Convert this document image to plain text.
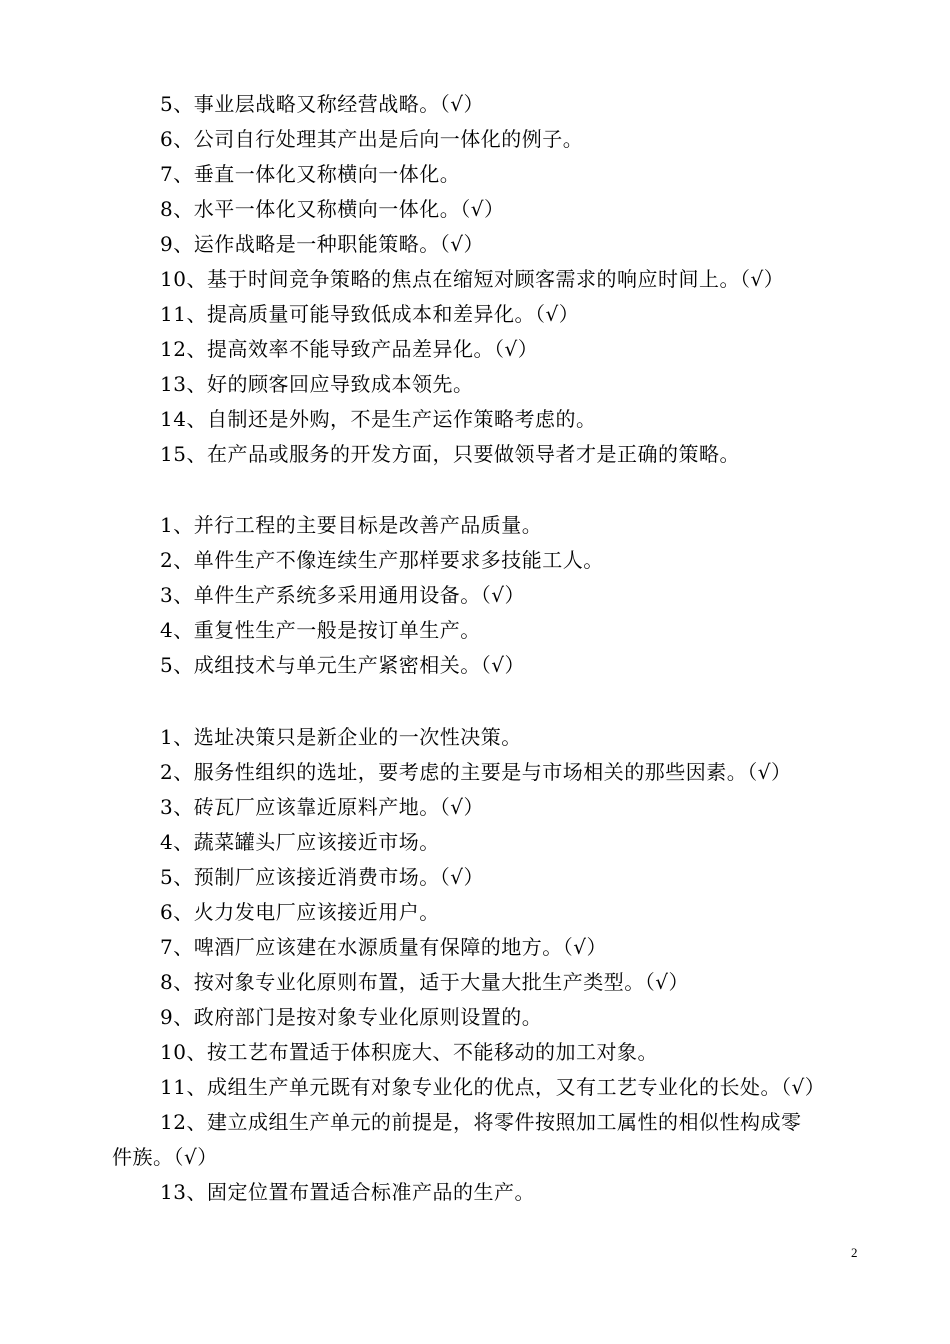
5、事业层战略又称经营战略。（√）
6、公司自行处理其产出是后向一体化的例子。
7、垂直一体化又称横向一体化。
8、水平一体化又称横向一体化。（√）
9、运作战略是一种职能策略。（√）
10、基于时间竞争策略的焦点在缩短对顾客需求的响应时间上。（√）
11、提高质量可能导致低成本和差异化。（√）
12、提高效率不能导致产品差异化。（√）
13、好的顾客回应导致成本领先。
14、自制还是外购，不是生产运作策略考虑的。
15、在产品或服务的开发方面，只要做领导者才是正确的策略。
1、并行工程的主要目标是改善产品质量。
2、单件生产不像连续生产那样要求多技能工人。
3、单件生产系统多采用通用设备。（√）
4、重复性生产一般是按订单生产。
5、成组技术与单元生产紧密相关。（√）
1、选址决策只是新企业的一次性决策。
2、服务性组织的选址，要考虑的主要是与市场相关的那些因素。（√）
3、砖瓦厂应该靠近原料产地。（√）
4、蔬菜罐头厂应该接近市场。
5、预制厂应该接近消费市场。（√）
6、火力发电厂应该接近用户。
7、啤酒厂应该建在水源质量有保障的地方。（√）
8、按对象专业化原则布置，适于大量大批生产类型。（√）
9、政府部门是按对象专业化原则设置的。
10、按工艺布置适于体积庞大、不能移动的加工对象。
11、成组生产单元既有对象专业化的优点，又有工艺专业化的长处。（√）
12、建立成组生产单元的前提是，将零件按照加工属性的相似性构成零
件族。（√）
13、固定位置布置适合标准产品的生产。
2
